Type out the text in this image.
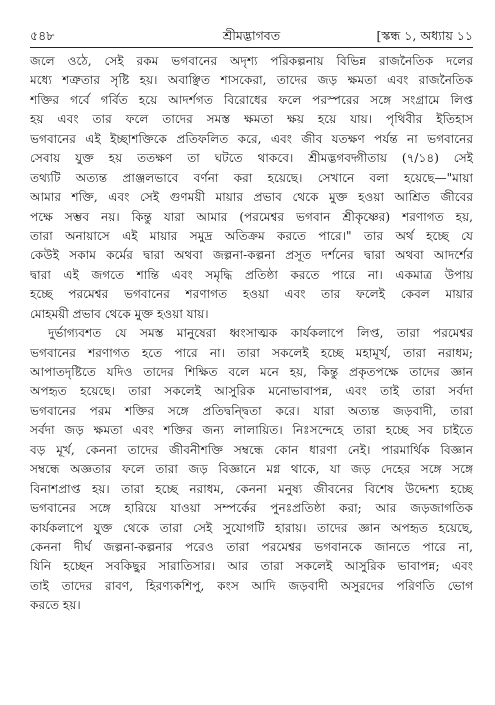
৫৪৮	শ্রীমদ্ভাগবত	[স্কন্ধ ১, অধ্যায় ১১
জলে ওঠে, সেই রকম ভগবানের অদৃশ্য পরিকল্পনায় বিভিন্ন রাজনৈতিক দলের
মধ্যে শত্রুতার সৃষ্টি হয়। অবাঞ্ছিত শাসকেরা, তাদের জড় ক্ষমতা এবং রাজনৈতিক
শক্তির গর্বে গর্বিত হয়ে আদর্শগত বিরোধের ফলে পরস্পরের সঙ্গে সংগ্রামে লিপ্ত
হয় এবং তার ফলে তাদের সমস্ত ক্ষমতা ক্ষয় হয়ে যায়। পৃথিবীর ইতিহাস
ভগবানের এই ইচ্ছাশক্তিকে প্রতিফলিত করে, এবং জীব যতক্ষণ পর্যন্ত না ভগবানের
সেবায় যুক্ত হয় ততক্ষণ তা ঘটতে থাকবে। শ্রীমদ্ভগবদ্গীতায় (৭/১৪) সেই
তথ্যটি অত্যন্ত প্রাঞ্জলভাবে বর্ণনা করা হয়েছে। সেখানে বলা হয়েছে—"মায়া
আমার শক্তি, এবং সেই গুণময়ী মায়ার প্রভাব থেকে মুক্ত হওয়া আশ্রিত জীবের
পক্ষে সম্ভব নয়। কিন্তু যারা আমার (পরমেশ্বর ভগবান শ্রীকৃষ্ণের) শরণাগত হয়,
তারা অনায়াসে এই মায়ার সমুদ্র অতিক্রম করতে পারে।" তার অর্থ হচ্ছে যে
কেউই সকাম কর্মের দ্বারা অথবা জল্পনা-কল্পনা প্রসূত দর্শনের দ্বারা অথবা আদর্শের
দ্বারা এই জগতে শান্তি এবং সমৃদ্ধি প্রতিষ্ঠা করতে পারে না। একমাত্র উপায়
হচ্ছে পরমেশ্বর ভগবানের শরণাগত হওয়া এবং তার ফলেই কেবল মায়ার
মোহময়ী প্রভাব থেকে মুক্ত হওয়া যায়।
দুর্ভাগ্যবশত যে সমস্ত মানুষেরা ধ্বংসাত্মক কার্যকলাপে লিপ্ত, তারা পরমেশ্বর
ভগবানের শরণাগত হতে পারে না। তারা সকলেই হচ্ছে মহামূর্খ, তারা নরাধম;
আপাতদৃষ্টিতে যদিও তাদের শিক্ষিত বলে মনে হয়, কিন্তু প্রকৃতপক্ষে তাদের জ্ঞান
অপহৃত হয়েছে। তারা সকলেই আসুরিক মনোভাবাপন্ন, এবং তাই তারা সর্বদা
ভগবানের পরম শক্তির সঙ্গে প্রতিদ্বন্দ্বিতা করে। যারা অত্যন্ত জড়বাদী, তারা
সর্বদা জড় ক্ষমতা এবং শক্তির জন্য লালায়িত। নিঃসন্দেহে তারা হচ্ছে সব চাইতে
বড় মূর্খ, কেননা তাদের জীবনীশক্তি সম্বন্ধে কোন ধারণা নেই। পারমার্থিক বিজ্ঞান
সম্বন্ধে অজ্ঞতার ফলে তারা জড় বিজ্ঞানে মগ্ন থাকে, যা জড় দেহের সঙ্গে সঙ্গে
বিনাশপ্রাপ্ত হয়। তারা হচ্ছে নরাধম, কেননা মনুষ্য জীবনের বিশেষ উদ্দেশ্য হচ্ছে
ভগবানের সঙ্গে হারিয়ে যাওয়া সম্পর্কের পুনঃপ্রতিষ্ঠা করা; আর জড়জাগতিক
কার্যকলাপে যুক্ত থেকে তারা সেই সুযোগটি হারায়। তাদের জ্ঞান অপহৃত হয়েছে,
কেননা দীর্ঘ জল্পনা-কল্পনার পরেও তারা পরমেশ্বর ভগবানকে জানতে পারে না,
যিনি হচ্ছেন সবকিছুর সারাতিসার। আর তারা সকলেই আসুরিক ভাবাপন্ন; এবং
তাই তাদের রাবণ, হিরণ্যকশিপু, কংস আদি জড়বাদী অসুরদের পরিণতি ভোগ
করতে হয়।
